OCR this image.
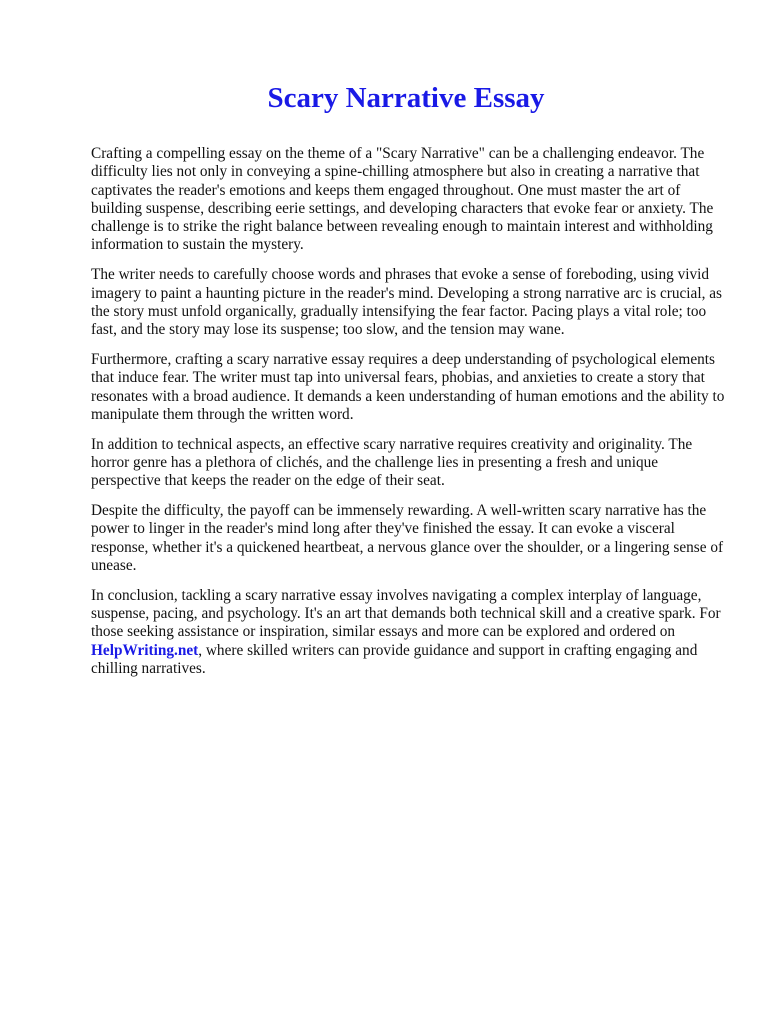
Scary Narrative Essay

Crafting a compelling essay on the theme of a "Scary Narrative" can be a challenging endeavor. The difficulty lies not only in conveying a spine-chilling atmosphere but also in creating a narrative that captivates the reader's emotions and keeps them engaged throughout. One must master the art of building suspense, describing eerie settings, and developing characters that evoke fear or anxiety. The challenge is to strike the right balance between revealing enough to maintain interest and withholding information to sustain the mystery.

The writer needs to carefully choose words and phrases that evoke a sense of foreboding, using vivid imagery to paint a haunting picture in the reader's mind. Developing a strong narrative arc is crucial, as the story must unfold organically, gradually intensifying the fear factor. Pacing plays a vital role; too fast, and the story may lose its suspense; too slow, and the tension may wane.

Furthermore, crafting a scary narrative essay requires a deep understanding of psychological elements that induce fear. The writer must tap into universal fears, phobias, and anxieties to create a story that resonates with a broad audience. It demands a keen understanding of human emotions and the ability to manipulate them through the written word.

In addition to technical aspects, an effective scary narrative requires creativity and originality. The horror genre has a plethora of clichés, and the challenge lies in presenting a fresh and unique perspective that keeps the reader on the edge of their seat.

Despite the difficulty, the payoff can be immensely rewarding. A well-written scary narrative has the power to linger in the reader's mind long after they've finished the essay. It can evoke a visceral response, whether it's a quickened heartbeat, a nervous glance over the shoulder, or a lingering sense of unease.

In conclusion, tackling a scary narrative essay involves navigating a complex interplay of language, suspense, pacing, and psychology. It's an art that demands both technical skill and a creative spark. For those seeking assistance or inspiration, similar essays and more can be explored and ordered on HelpWriting.net, where skilled writers can provide guidance and support in crafting engaging and chilling narratives.
